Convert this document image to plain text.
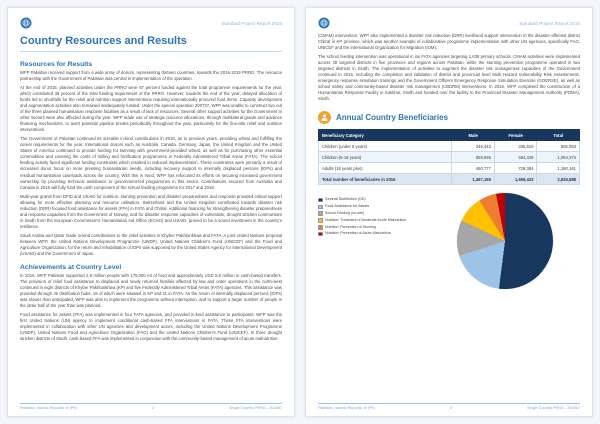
Standard Project Report 2016
Country Resources and Results
Resources for Results

WFP Pakistan received support from a wide array of donors, representing thirteen countries, towards the 2016-2019 PRRO. The resource partnership with the Government of Pakistan was central in implementation of the operation.

At the end of 2016, planned activities under the PRRO were 67 percent funded against the total programme requirements for the year, which constituted 39 percent of the total funding requirement of the PRRO. However, towards the end of the year, delayed allocation of funds led to shortfalls for the relief and nutrition support interventions requiring internationally procured food items. Capacity development and augmentation activities also remained inadequately funded. Under the special operation 200737, WFP was unable to construct two out of the three planned humanitarian response facilities as a result of lack of resources. Several other support activities for the Government in other sectors were also affected during the year. WFP made use of strategic resource allocations, through multilateral grants and advance financing mechanisms, to avert potential pipeline breaks periodically throughout the year, particularly for the fine-atta relief and nutrition interventions.

The Government of Pakistan continued its sizeable in-kind contributions in 2016, as in previous years, providing wheat and fulfilling the cereal requirements for the year. International donors such as Australia, Canada, Germany, Japan, the United Kingdom and the United States of America continued to provide funding for twinning with government-provided wheat, as well as for purchasing other essential commodities and covering the costs of milling and fortification programmes in Federally Administered Tribal Areas (FATA). The school feeding activity faced significant funding constraints which resulted in reduced implementation. These constraints were primarily a result of increased donor focus on more pressing humanitarian needs, including recovery support to internally displaced persons (IDPs) and residual humanitarian caseloads across the country. With this in mind, WFP has refocused its efforts on securing increased government ownership by providing technical assistance to government-led programmes in this sector. Contributions secured from Australia and Canada in 2016 will fully fund the cash component of the school feeding programme for 2017 and 2018.

Multi-year grants from DFID and USAID for nutrition, stunting prevention and disaster preparedness and response provided critical support allowing for more effective planning and resource utilisation. Switzerland and the United Kingdom contributed towards disaster risk reduction (DRR) focused food assistance for assets (FFA) in FATA and Chitral. Additional financing for strengthening disaster preparedness and response capacities from the Government of Norway, and for disaster response capacities of vulnerable, drought stricken communities in Sindh from the European Commission's Humanitarian Aid Office (ECHO) and USAID, proved to be a sound investment in the country's resilience.

Saudi Arabia and Qatar made in-kind contributions to the relief activities in Khyber Pakhtunkhwa and FATA. A joint United Nations proposal between WFP, the United Nations Development Programme (UNDP), United Nations Children's Fund (UNICEF) and the Food and Agriculture Organization, for the return and rehabilitation of IDPs was supported by the United States Agency for International Development (USAID) and the Government of Japan.

Achievements at Country Level

In 2016, WFP Pakistan supported 2.9 million people with 175,000 mt of food and approximately USD 8.6 million in cash-based transfers. The provision of relief food assistance to displaced and newly returned families affected by law and order operations in the north-west continued in eight districts of Khyber Pakhtunkhwa (KP) and five Federally Administered Tribal Areas (FATA) agencies. This assistance was provided through 30 distribution hubs, 19 of which were situated in KP and 11 in FATA. As the return of internally displaced persons (IDPs) was slower than anticipated, WFP was able to implement the programme without interruption, and to support a larger number of people in the latter half of the year than was planned.

Food assistance for assets (FFA) was implemented in four FATA agencies, and provided in-kind assistance to participants. WFP was the first United Nations (UN) agency to implement conditional cash-based FFA interventions in FATA. These FFA interventions were implemented in collaboration with other UN agencies and development actors, including the United Nations Development Programme (UNDP), United Nations Food and Agriculture Organization (FAO) and the United Nations Children's Fund (UNICEF). In three drought stricken districts of Sindh, cash-based FFA was implemented in conjunction with the community-based management of acute malnutrition

Pakistan, Islamic Republic of (PK)	3	Single Country PRRO - 200867
Standard Project Report 2016

(CMAM) intervention. WFP also implemented a disaster risk reduction (DRR) livelihood support intervention in the disaster-affected district Chitral in KP province, which was another example of collaborative programme implementation with other UN agencies, specifically FAO, UNICEF and the International Organization for Migration (IOM).

The school feeding intervention was operational in six FATA agencies targeting 1,635 primary schools. CMAM activities were implemented across 39 targeted districts in five provinces and regions across Pakistan, while the stunting prevention programme operated in two targeted districts in Sindh. The implementation of activities to augment the disaster risk management capacities of the Government continued in 2016, including the completion and validation of district and provincial level Multi Hazard Vulnerability Risk Assessments, emergency response simulation trainings and the Government Officers Emergency Response Simulation Exercise (GOERSE), as well as school safety and community-based disaster risk management (CBDRM) interventions. In 2016, WFP completed the construction of a Humanitarian Response Facility in Sukkhur, Sindh and handed over the facility to the Provincial Disaster Management Authority (PDMA), Sindh.

Annual Country Beneficiaries
Beneficiary Category	Male	Female	Total
Children (under 5 years)	346,443	335,610	682,053
Children (5-18 years)	559,935	494,439	1,054,374
Adults (18 years plus)	460,777	729,384	1,190,161
Total number of beneficiaries in 2016	1,367,155	1,559,433	2,926,588
General Distribution (GD)
Food-Assistance-for-Assets
School Feeding (on-site)
Nutrition: Treatment of Moderate Acute Malnutrition
Nutrition: Prevention of Stunting
Nutrition: Prevention of Acute Malnutrition
Pakistan, Islamic Republic of (PK)	4	Single Country PRRO - 200867
